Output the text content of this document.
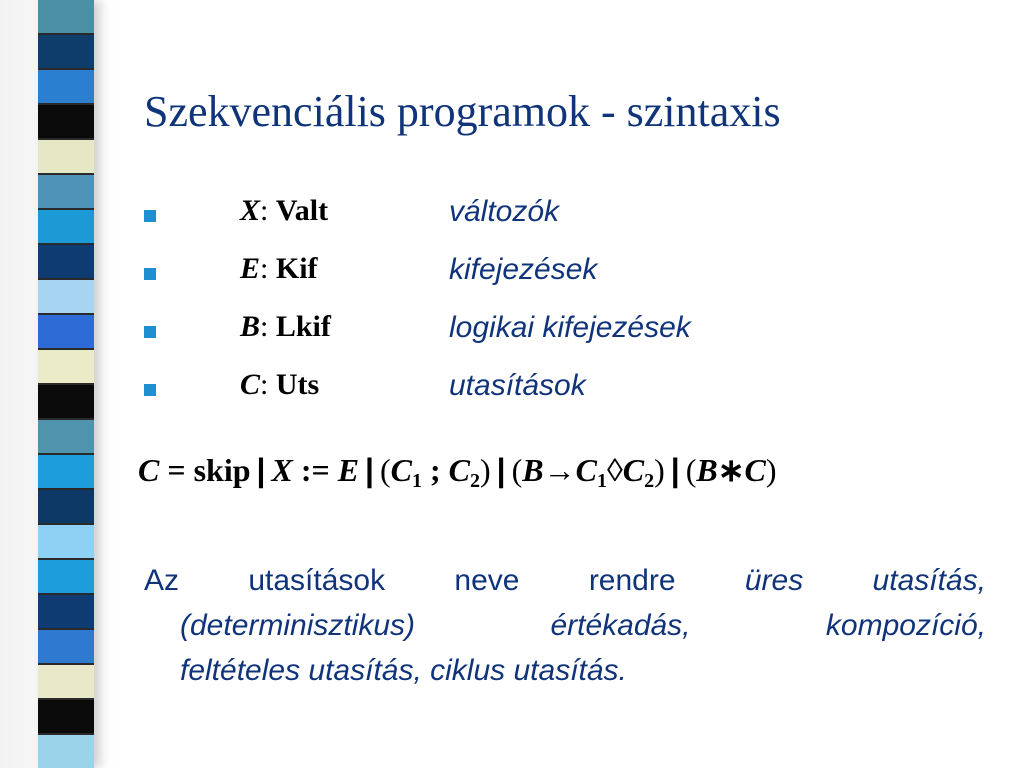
Szekvenciális programok - szintaxis
X: Valt	változók
E: Kif	kifejezések
B: Lkif	logikai kifejezések
C: Uts	utasítások
C = skip | X := E | ($C_1$ ; $C_2$) | $(B\to C_1◊C_2)$ | (B∗C)
Az utasítások neve rendre üres utasítás,
(determinisztikus)	értékadás,	kompozíció,
feltételes utasítás, ciklus utasítás.
